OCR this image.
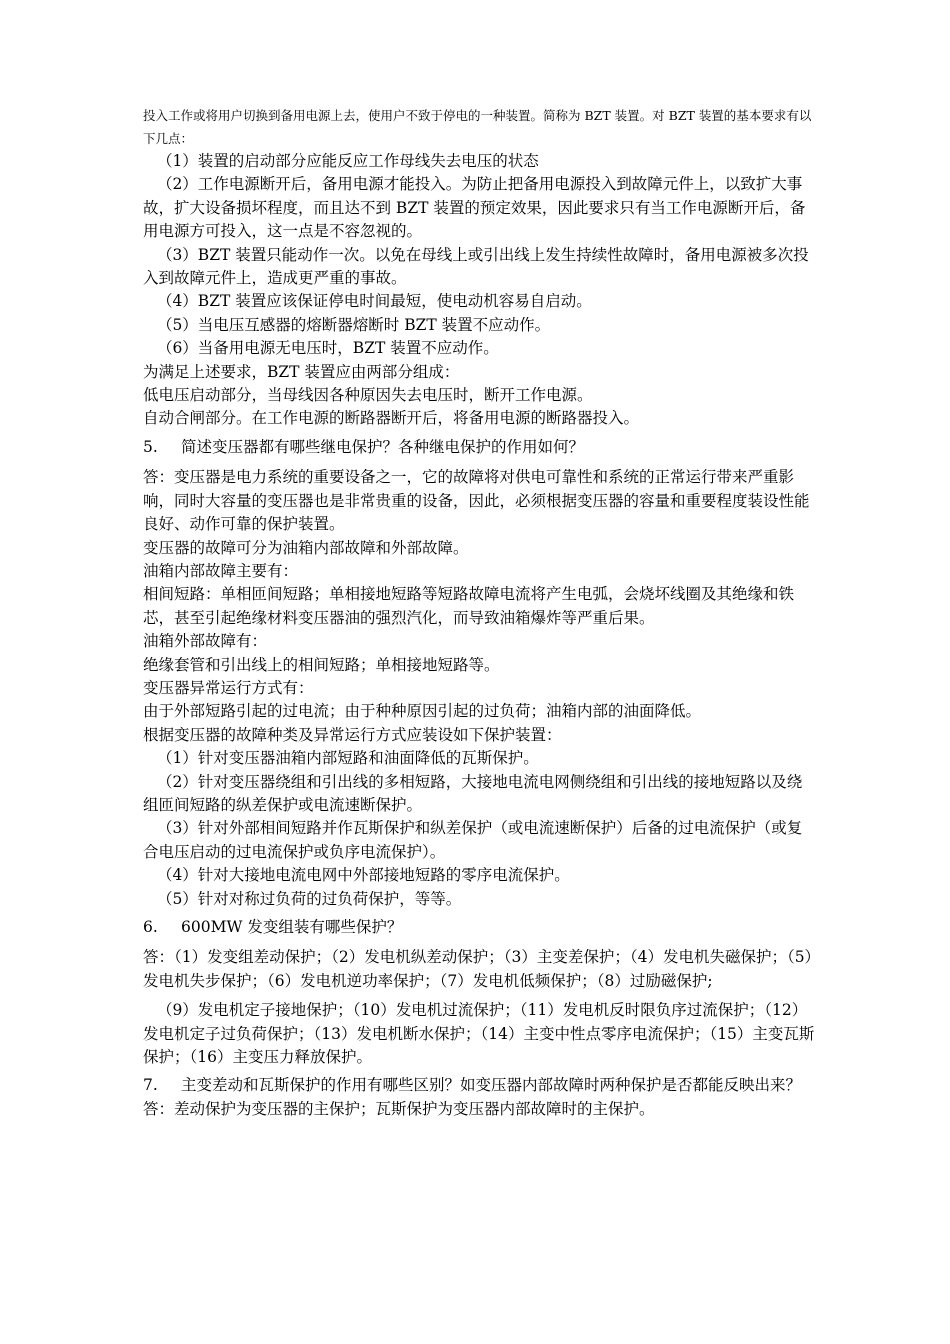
投入工作或将用户切换到备用电源上去，使用户不致于停电的一种装置。简称为 BZT 装置。对 BZT 装置的基本要求有以下几点：

（1）装置的启动部分应能反应工作母线失去电压的状态

（2）工作电源断开后，备用电源才能投入。为防止把备用电源投入到故障元件上，以致扩大事故，扩大设备损坏程度，而且达不到 BZT 装置的预定效果，因此要求只有当工作电源断开后，备用电源方可投入，这一点是不容忽视的。

（3）BZT 装置只能动作一次。以免在母线上或引出线上发生持续性故障时，备用电源被多次投入到故障元件上，造成更严重的事故。

（4）BZT 装置应该保证停电时间最短，使电动机容易自启动。

（5）当电压互感器的熔断器熔断时 BZT 装置不应动作。

（6）当备用电源无电压时，BZT 装置不应动作。

为满足上述要求，BZT 装置应由两部分组成：

低电压启动部分，当母线因各种原因失去电压时，断开工作电源。

自动合闸部分。在工作电源的断路器断开后，将备用电源的断路器投入。

5. 简述变压器都有哪些继电保护？各种继电保护的作用如何？

答：变压器是电力系统的重要设备之一，它的故障将对供电可靠性和系统的正常运行带来严重影响，同时大容量的变压器也是非常贵重的设备，因此，必须根据变压器的容量和重要程度装设性能良好、动作可靠的保护装置。

变压器的故障可分为油箱内部故障和外部故障。

油箱内部故障主要有：

相间短路：单相匝间短路；单相接地短路等短路故障电流将产生电弧，会烧坏线圈及其绝缘和铁芯，甚至引起绝缘材料变压器油的强烈汽化，而导致油箱爆炸等严重后果。

油箱外部故障有：

绝缘套管和引出线上的相间短路；单相接地短路等。

变压器异常运行方式有：

由于外部短路引起的过电流；由于种种原因引起的过负荷；油箱内部的油面降低。

根据变压器的故障种类及异常运行方式应装设如下保护装置：

（1）针对变压器油箱内部短路和油面降低的瓦斯保护。

（2）针对变压器绕组和引出线的多相短路，大接地电流电网侧绕组和引出线的接地短路以及绕组匝间短路的纵差保护或电流速断保护。

（3）针对外部相间短路并作瓦斯保护和纵差保护（或电流速断保护）后备的过电流保护（或复合电压启动的过电流保护或负序电流保护）。

（4）针对大接地电流电网中外部接地短路的零序电流保护。

（5）针对对称过负荷的过负荷保护，等等。

6. 600MW 发变组装有哪些保护？

答：（1）发变组差动保护；（2）发电机纵差动保护；（3）主变差保护；（4）发电机失磁保护；（5）发电机失步保护；（6）发电机逆功率保护；（7）发电机低频保护；（8）过励磁保护;

（9）发电机定子接地保护；（10）发电机过流保护；（11）发电机反时限负序过流保护；（12）发电机定子过负荷保护；（13）发电机断水保护；（14）主变中性点零序电流保护；（15）主变瓦斯保护；（16）主变压力释放保护。

7. 主变差动和瓦斯保护的作用有哪些区别？如变压器内部故障时两种保护是否都能反映出来？

答：差动保护为变压器的主保护；瓦斯保护为变压器内部故障时的主保护。
